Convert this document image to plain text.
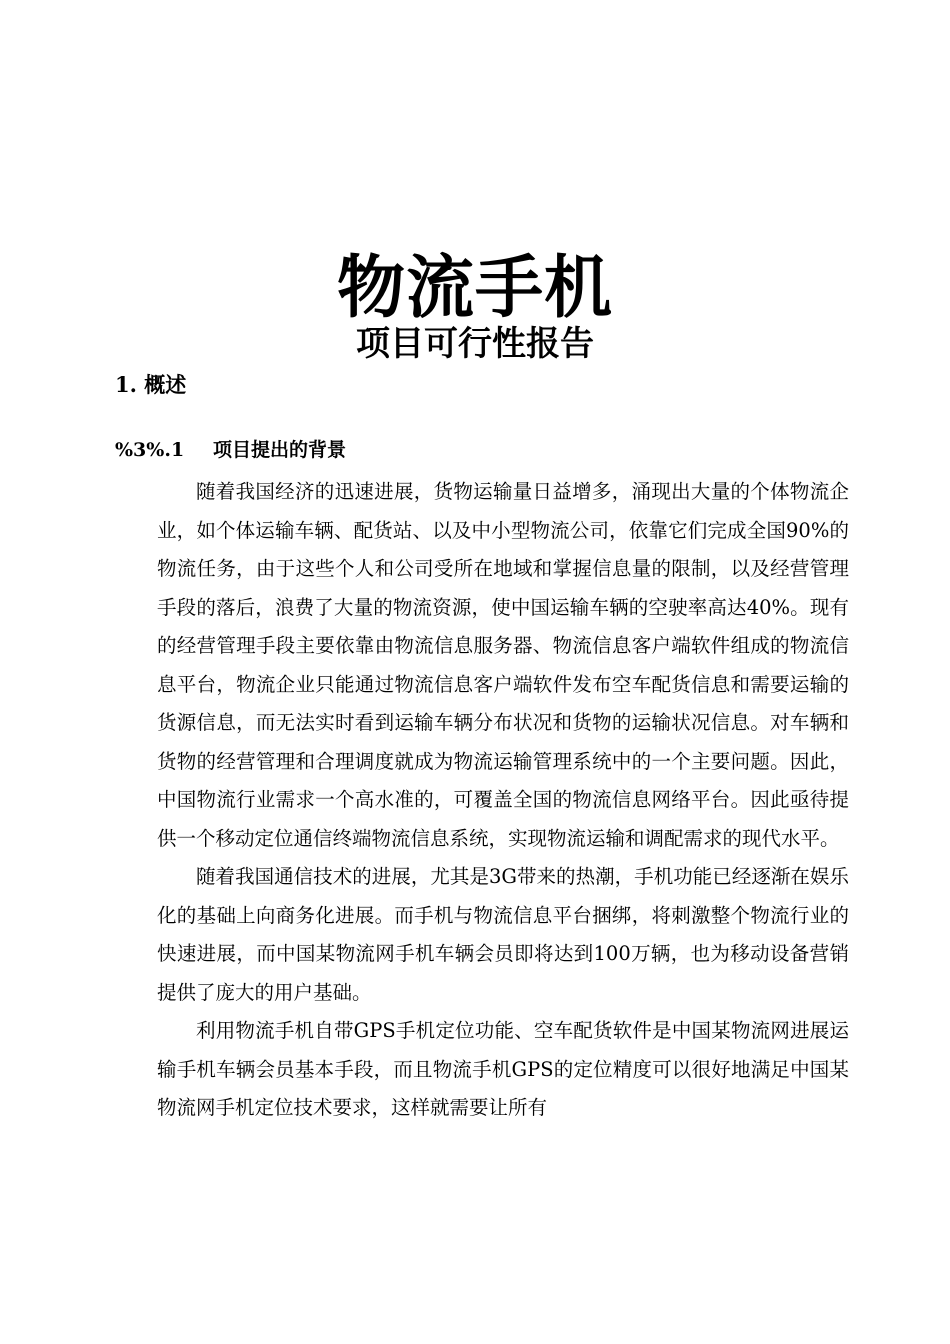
物流手机
项目可行性报告
1. 概述
%3%.1 项目提出的背景

随着我国经济的迅速进展，货物运输量日益增多，涌现出大量的个体物流企业，如个体运输车辆、配货站、以及中小型物流公司，依靠它们完成全国90%的物流任务，由于这些个人和公司受所在地域和掌握信息量的限制，以及经营管理手段的落后，浪费了大量的物流资源，使中国运输车辆的空驶率高达40%。现有的经营管理手段主要依靠由物流信息服务器、物流信息客户端软件组成的物流信息平台，物流企业只能通过物流信息客户端软件发布空车配货信息和需要运输的货源信息，而无法实时看到运输车辆分布状况和货物的运输状况信息。对车辆和货物的经营管理和合理调度就成为物流运输管理系统中的一个主要问题。因此，中国物流行业需求一个高水准的，可覆盖全国的物流信息网络平台。因此亟待提供一个移动定位通信终端物流信息系统，实现物流运输和调配需求的现代水平。

随着我国通信技术的进展，尤其是3G带来的热潮，手机功能已经逐渐在娱乐化的基础上向商务化进展。而手机与物流信息平台捆绑，将刺激整个物流行业的快速进展，而中国某物流网手机车辆会员即将达到100万辆，也为移动设备营销提供了庞大的用户基础。

利用物流手机自带GPS手机定位功能、空车配货软件是中国某物流网进展运输手机车辆会员基本手段，而且物流手机GPS的定位精度可以很好地满足中国某物流网手机定位技术要求，这样就需要让所有
